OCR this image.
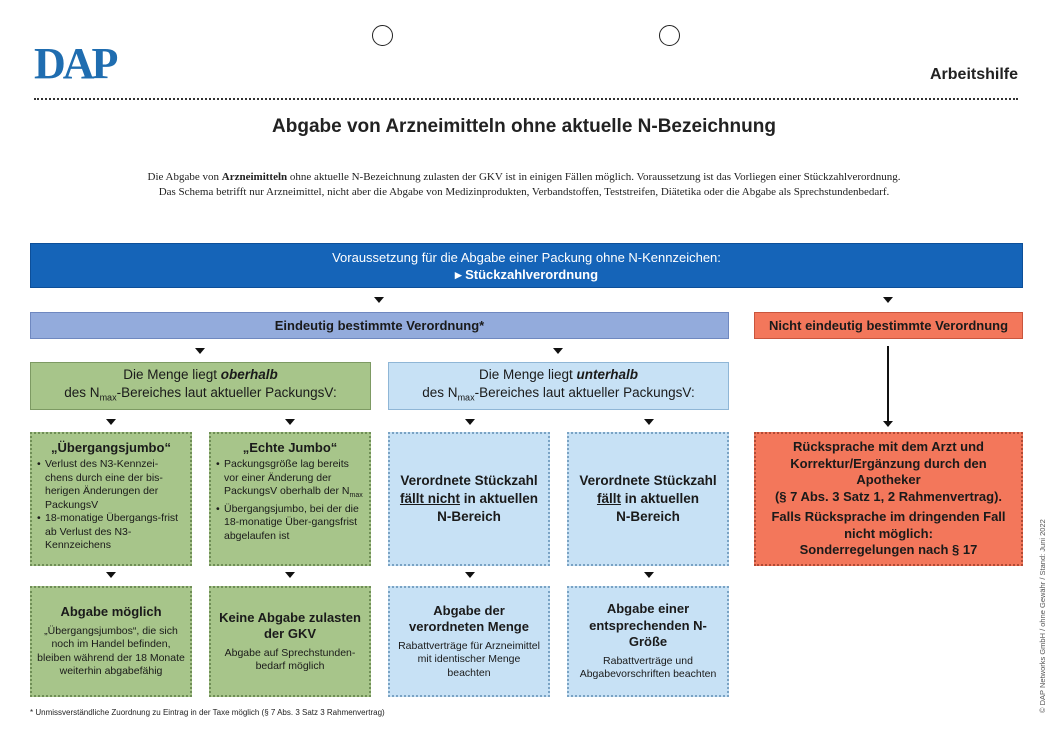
DAP	Arbeitshilfe
Abgabe von Arzneimitteln ohne aktuelle N-Bezeichnung
Die Abgabe von Arzneimitteln ohne aktuelle N-Bezeichnung zulasten der GKV ist in einigen Fällen möglich. Voraussetzung ist das Vorliegen einer Stückzahlverordnung.
Das Schema betrifft nur Arzneimittel, nicht aber die Abgabe von Medizinprodukten, Verbandstoffen, Teststreifen, Diätetika oder die Abgabe als Sprechstundenbedarf.
Voraussetzung für die Abgabe einer Packung ohne N-Kennzeichen:
▸ Stückzahlverordnung
Eindeutig bestimmte Verordnung*	Nicht eindeutig bestimmte Verordnung
Die Menge liegt oberhalb
des $N_{max}$-Bereiches laut aktueller PackungsV:
Die Menge liegt unterhalb
des $N_{max}$-Bereiches laut aktueller PackungsV:
„Übergangsjumbo“
• Verlust des N3-Kennzei-chens durch eine der bis-herigen Änderungen der PackungsV
• 18-monatige Übergangs-frist ab Verlust des N3-Kennzeichens
„Echte Jumbo“
• Packungsgröße lag bereits vor einer Änderung der PackungsV oberhalb der $N_{max}$
• Übergangsjumbo, bei der die 18-monatige Über-gangsfrist abgelaufen ist
Verordnete Stückzahl
fällt nicht in aktuellen
N-Bereich
Verordnete Stückzahl
fällt in aktuellen
N-Bereich

Rücksprache mit dem Arzt und Korrektur/Ergänzung durch den Apotheker

(§ 7 Abs. 3 Satz 1, 2 Rahmenvertrag).

Falls Rücksprache im dringenden Fall nicht möglich:

Sonderregelungen nach § 17

Abgabe möglich
„Übergangsjumbos“, die sich noch im Handel befinden, bleiben während der 18 Monate weiterhin abgabefähig
Keine Abgabe zulasten der GKV
Abgabe auf Sprechstunden-bedarf möglich
Abgabe der verordneten Menge
Rabattverträge für Arzneimittel mit identischer Menge beachten
Abgabe einer entsprechenden N-Größe
Rabattverträge und Abgabevorschriften beachten
* Unmissverständliche Zuordnung zu Eintrag in der Taxe möglich (§ 7 Abs. 3 Satz 3 Rahmenvertrag)	© DAP Networks GmbH / ohne Gewähr / Stand: Juni 2022
